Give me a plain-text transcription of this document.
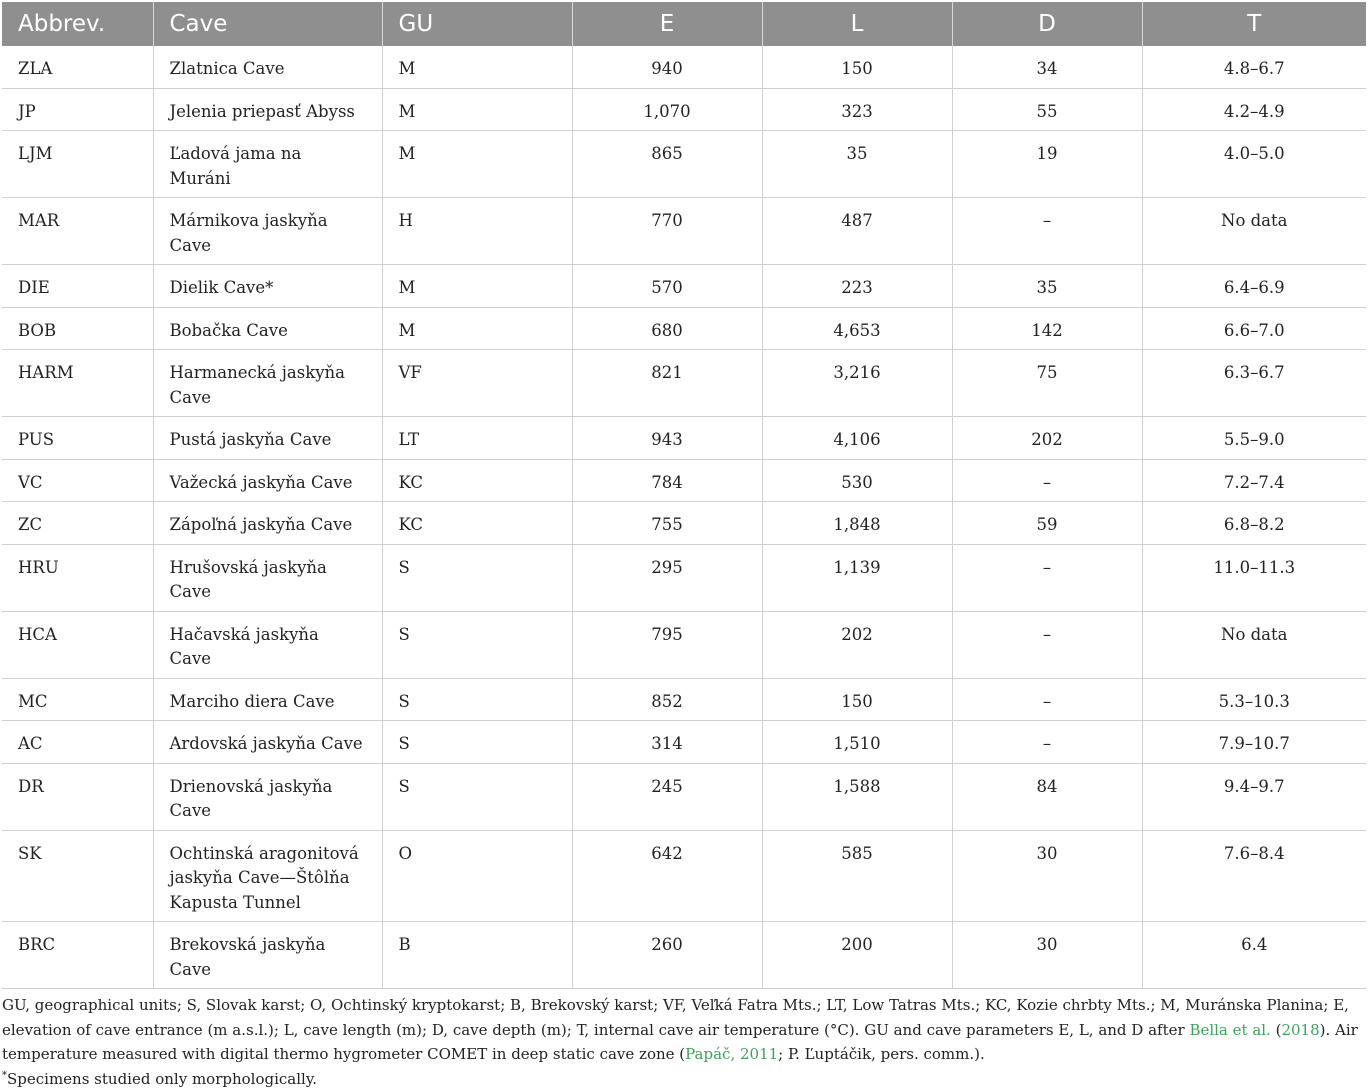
Abbrev.	Cave	GU	E	L	D	T
ZLA	Zlatnica Cave	M	940	150	34	4.8–6.7
JP	Jelenia priepasť Abyss	M	1,070	323	55	4.2–4.9
LJM	Ľadová jama na Muráni	M	865	35	19	4.0–5.0
MAR	Márnikova jaskyňa Cave	H	770	487	–	No data
DIE	Dielik Cave*	M	570	223	35	6.4–6.9
BOB	Bobačka Cave	M	680	4,653	142	6.6–7.0
HARM	Harmanecká jaskyňa Cave	VF	821	3,216	75	6.3–6.7
PUS	Pustá jaskyňa Cave	LT	943	4,106	202	5.5–9.0
VC	Važecká jaskyňa Cave	KC	784	530	–	7.2–7.4
ZC	Zápoľná jaskyňa Cave	KC	755	1,848	59	6.8–8.2
HRU	Hrušovská jaskyňa Cave	S	295	1,139	–	11.0–11.3
HCA	Hačavská jaskyňa Cave	S	795	202	–	No data
MC	Marciho diera Cave	S	852	150	–	5.3–10.3
AC	Ardovská jaskyňa Cave	S	314	1,510	–	7.9–10.7
DR	Drienovská jaskyňa Cave	S	245	1,588	84	9.4–9.7
SK	Ochtinská aragonitová jaskyňa Cave—Štôlňa Kapusta Tunnel	O	642	585	30	7.6–8.4
BRC	Brekovská jaskyňa Cave	B	260	200	30	6.4

GU, geographical units; S, Slovak karst; O, Ochtinský kryptokarst; B, Brekovský karst; VF, Veľká Fatra Mts.; LT, Low Tatras Mts.; KC, Kozie chrbty Mts.; M, Muránska Planina; E, elevation of cave entrance (m a.s.l.); L, cave length (m); D, cave depth (m); T, internal cave air temperature (°C). GU and cave parameters E, L, and D after Bella et al. (2018). Air temperature measured with digital thermo hygrometer COMET in deep static cave zone (Papáč, 2011; P. Ľuptáčik, pers. comm.).

*Specimens studied only morphologically.
